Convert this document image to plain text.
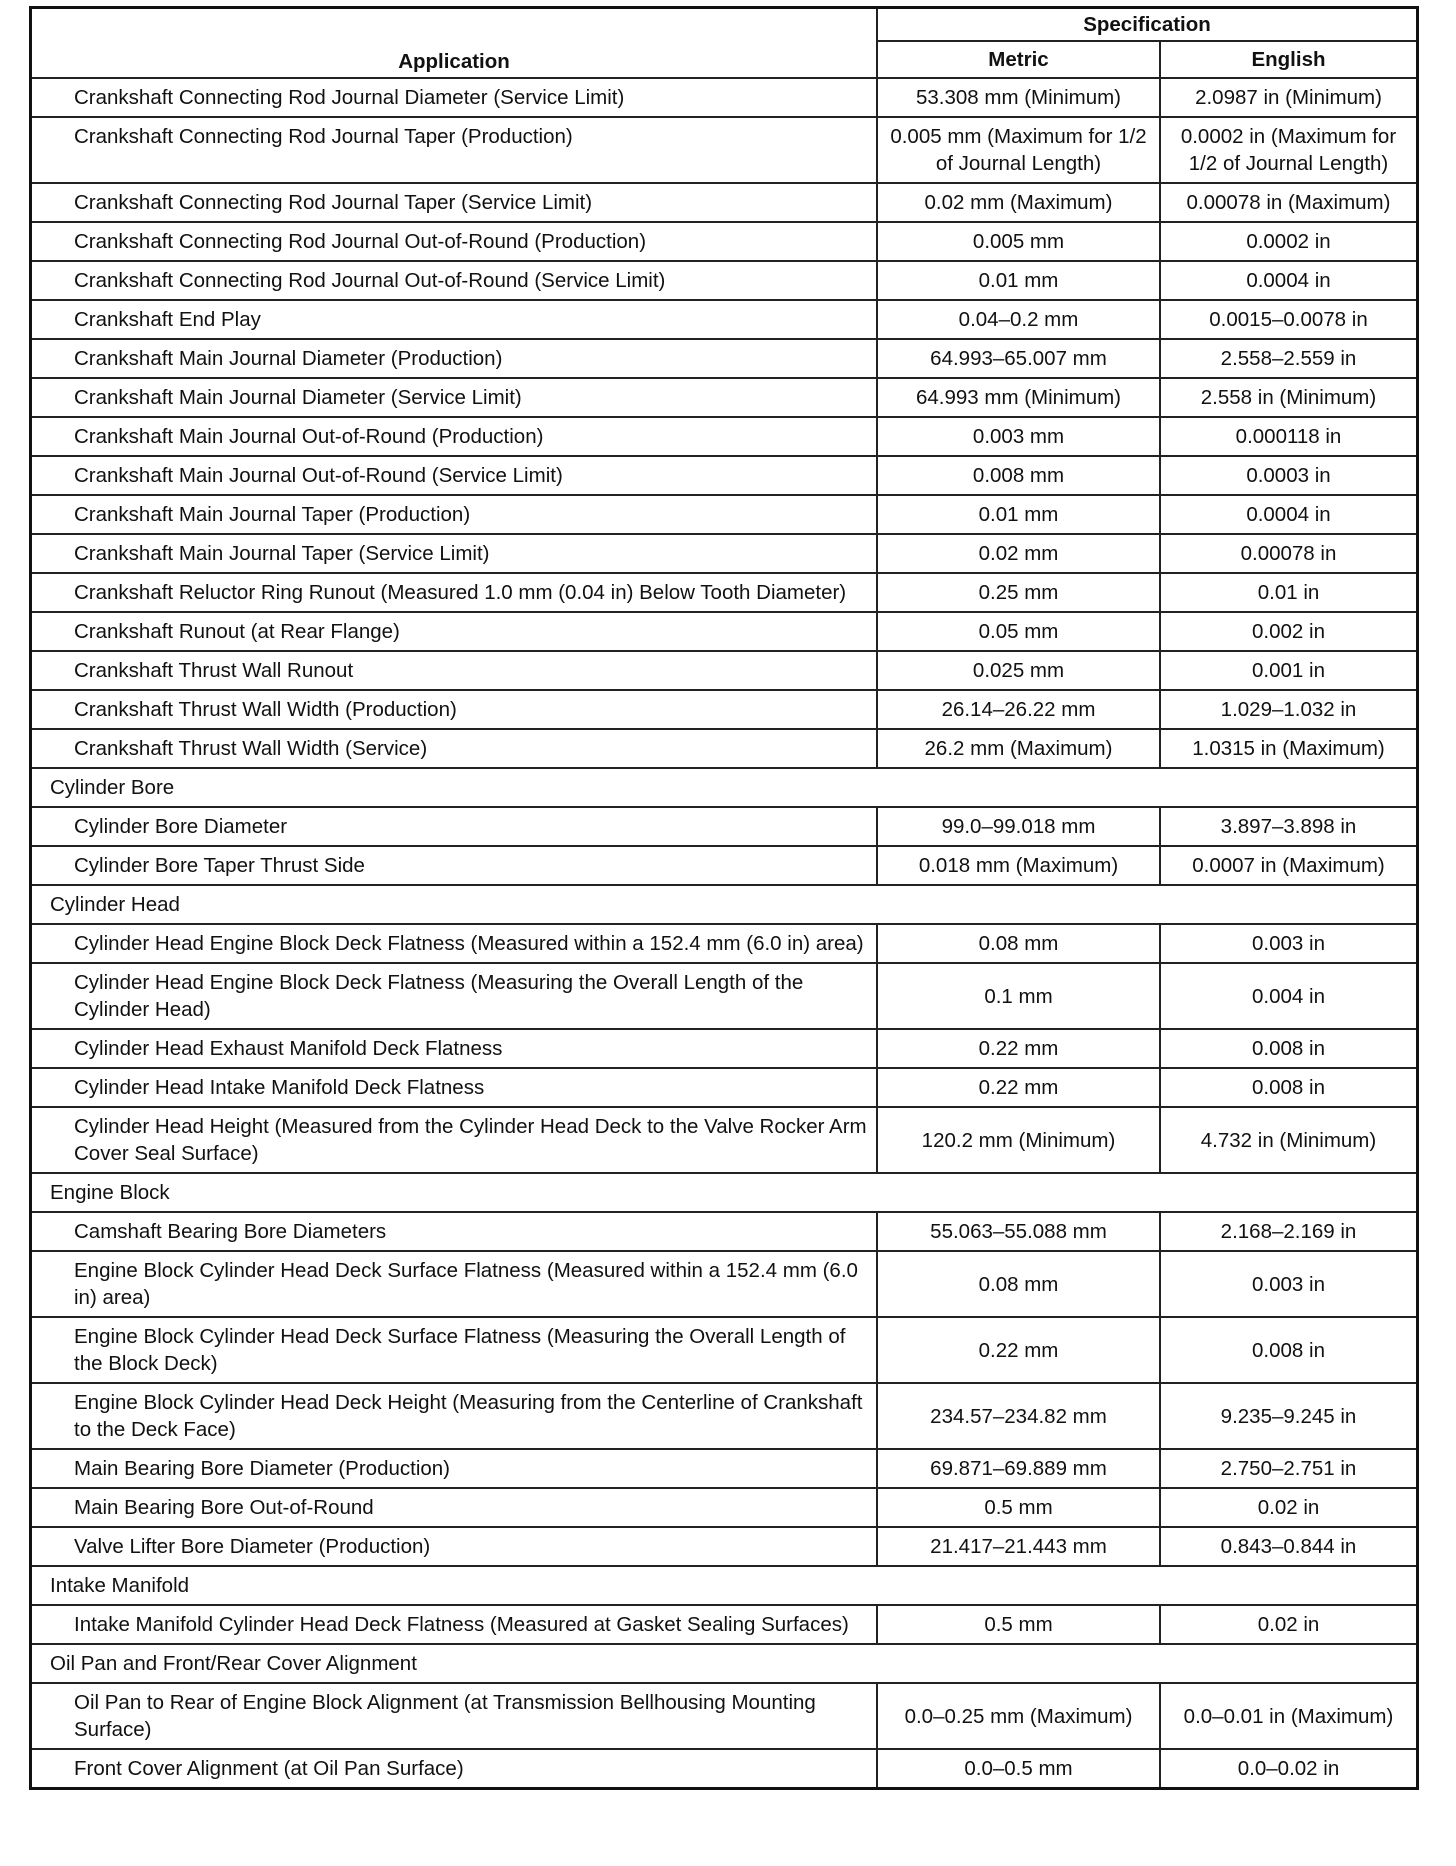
Application	Specification	
	Metric	English
Crankshaft Connecting Rod Journal Diameter (Service Limit)	53.308 mm (Minimum)	2.0987 in (Minimum)
Crankshaft Connecting Rod Journal Taper (Production)	0.005 mm (Maximum for 1/2 of Journal Length)	0.0002 in (Maximum for 1/2 of Journal Length)
Crankshaft Connecting Rod Journal Taper (Service Limit)	0.02 mm (Maximum)	0.00078 in (Maximum)
Crankshaft Connecting Rod Journal Out-of-Round (Production)	0.005 mm	0.0002 in
Crankshaft Connecting Rod Journal Out-of-Round (Service Limit)	0.01 mm	0.0004 in
Crankshaft End Play	0.04–0.2 mm	0.0015–0.0078 in
Crankshaft Main Journal Diameter (Production)	64.993–65.007 mm	2.558–2.559 in
Crankshaft Main Journal Diameter (Service Limit)	64.993 mm (Minimum)	2.558 in (Minimum)
Crankshaft Main Journal Out-of-Round (Production)	0.003 mm	0.000118 in
Crankshaft Main Journal Out-of-Round (Service Limit)	0.008 mm	0.0003 in
Crankshaft Main Journal Taper (Production)	0.01 mm	0.0004 in
Crankshaft Main Journal Taper (Service Limit)	0.02 mm	0.00078 in
Crankshaft Reluctor Ring Runout (Measured 1.0 mm (0.04 in) Below Tooth Diameter)	0.25 mm	0.01 in
Crankshaft Runout (at Rear Flange)	0.05 mm	0.002 in
Crankshaft Thrust Wall Runout	0.025 mm	0.001 in
Crankshaft Thrust Wall Width (Production)	26.14–26.22 mm	1.029–1.032 in
Crankshaft Thrust Wall Width (Service)	26.2 mm (Maximum)	1.0315 in (Maximum)
Cylinder Bore		
Cylinder Bore Diameter	99.0–99.018 mm	3.897–3.898 in
Cylinder Bore Taper Thrust Side	0.018 mm (Maximum)	0.0007 in (Maximum)
Cylinder Head		
Cylinder Head Engine Block Deck Flatness (Measured within a 152.4 mm (6.0 in) area)	0.08 mm	0.003 in
Cylinder Head Engine Block Deck Flatness (Measuring the Overall Length of the Cylinder Head)	0.1 mm	0.004 in
Cylinder Head Exhaust Manifold Deck Flatness	0.22 mm	0.008 in
Cylinder Head Intake Manifold Deck Flatness	0.22 mm	0.008 in
Cylinder Head Height (Measured from the Cylinder Head Deck to the Valve Rocker Arm Cover Seal Surface)	120.2 mm (Minimum)	4.732 in (Minimum)
Engine Block		
Camshaft Bearing Bore Diameters	55.063–55.088 mm	2.168–2.169 in
Engine Block Cylinder Head Deck Surface Flatness (Measured within a 152.4 mm (6.0 in) area)	0.08 mm	0.003 in
Engine Block Cylinder Head Deck Surface Flatness (Measuring the Overall Length of the Block Deck)	0.22 mm	0.008 in
Engine Block Cylinder Head Deck Height (Measuring from the Centerline of Crankshaft to the Deck Face)	234.57–234.82 mm	9.235–9.245 in
Main Bearing Bore Diameter (Production)	69.871–69.889 mm	2.750–2.751 in
Main Bearing Bore Out-of-Round	0.5 mm	0.02 in
Valve Lifter Bore Diameter (Production)	21.417–21.443 mm	0.843–0.844 in
Intake Manifold		
Intake Manifold Cylinder Head Deck Flatness (Measured at Gasket Sealing Surfaces)	0.5 mm	0.02 in
Oil Pan and Front/Rear Cover Alignment		
Oil Pan to Rear of Engine Block Alignment (at Transmission Bellhousing Mounting Surface)	0.0–0.25 mm (Maximum)	0.0–0.01 in (Maximum)
Front Cover Alignment (at Oil Pan Surface)	0.0–0.5 mm	0.0–0.02 in
